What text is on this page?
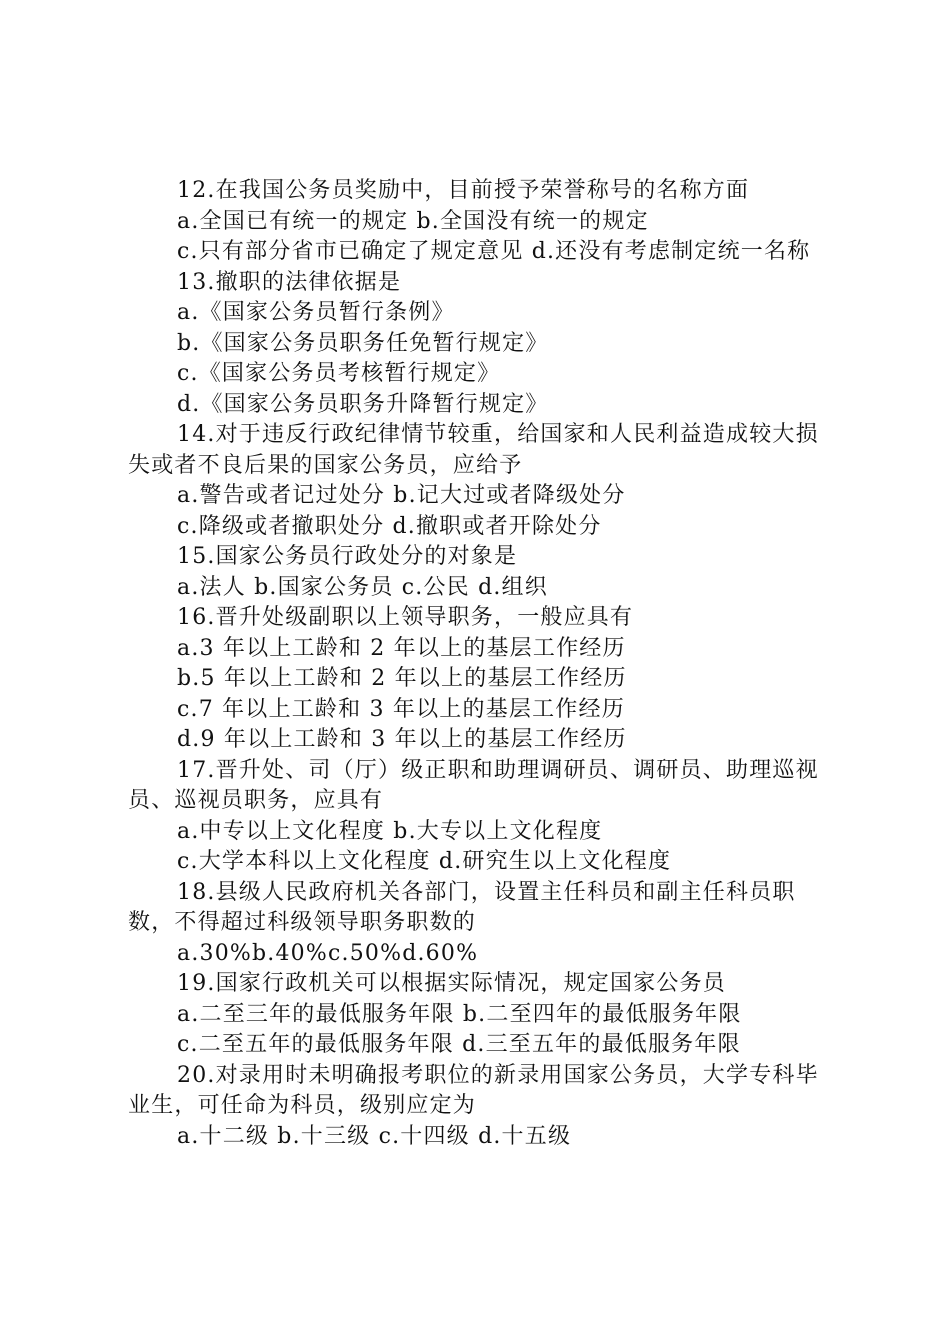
12.在我国公务员奖励中，目前授予荣誉称号的名称方面

a.全国已有统一的规定 b.全国没有统一的规定

c.只有部分省市已确定了规定意见 d.还没有考虑制定统一名称

13.撤职的法律依据是

a.《国家公务员暂行条例》

b.《国家公务员职务任免暂行规定》

c.《国家公务员考核暂行规定》

d.《国家公务员职务升降暂行规定》

14.对于违反行政纪律情节较重，给国家和人民利益造成较大损失或者不良后果的国家公务员，应给予

a.警告或者记过处分 b.记大过或者降级处分

c.降级或者撤职处分 d.撤职或者开除处分

15.国家公务员行政处分的对象是

a.法人 b.国家公务员 c.公民 d.组织

16.晋升处级副职以上领导职务，一般应具有

a.3 年以上工龄和 2 年以上的基层工作经历

b.5 年以上工龄和 2 年以上的基层工作经历

c.7 年以上工龄和 3 年以上的基层工作经历

d.9 年以上工龄和 3 年以上的基层工作经历

17.晋升处、司（厅）级正职和助理调研员、调研员、助理巡视员、巡视员职务，应具有

a.中专以上文化程度 b.大专以上文化程度

c.大学本科以上文化程度 d.研究生以上文化程度

18.县级人民政府机关各部门，设置主任科员和副主任科员职数，不得超过科级领导职务职数的

a.30%b.40%c.50%d.60%

19.国家行政机关可以根据实际情况，规定国家公务员

a.二至三年的最低服务年限 b.二至四年的最低服务年限

c.二至五年的最低服务年限 d.三至五年的最低服务年限

20.对录用时未明确报考职位的新录用国家公务员，大学专科毕业生，可任命为科员，级别应定为

a.十二级 b.十三级 c.十四级 d.十五级
